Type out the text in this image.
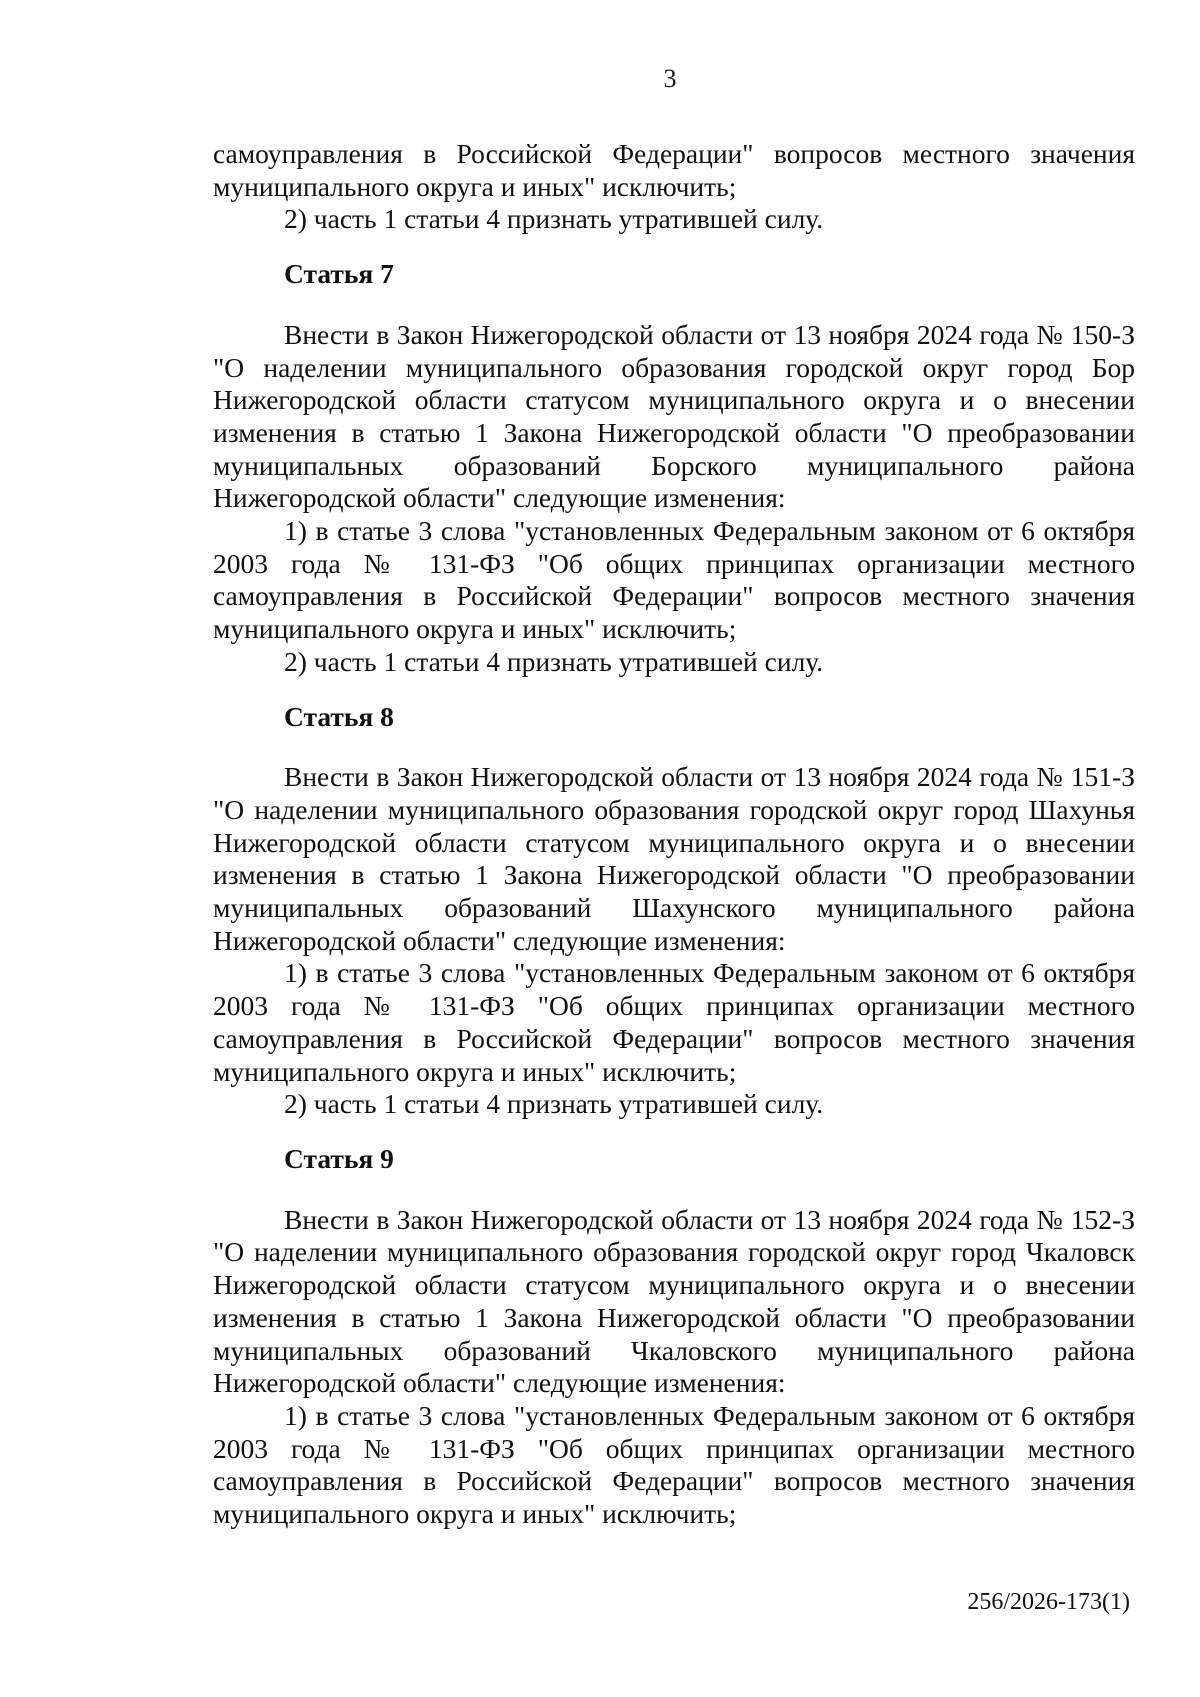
3

самоуправления в Российской Федерации" вопросов местного значения муниципального округа и иных" исключить;

2) часть 1 статьи 4 признать утратившей силу.

Статья 7

Внести в Закон Нижегородской области от 13 ноября 2024 года № 150-З "О наделении муниципального образования городской округ город Бор Нижегородской области статусом муниципального округа и о внесении изменения в статью 1 Закона Нижегородской области "О преобразовании муниципальных образований Борского муниципального района Нижегородской области" следующие изменения:

1) в статье 3 слова "установленных Федеральным законом от 6 октября 2003 года № 131-ФЗ "Об общих принципах организации местного самоуправления в Российской Федерации" вопросов местного значения муниципального округа и иных" исключить;

2) часть 1 статьи 4 признать утратившей силу.

Статья 8

Внести в Закон Нижегородской области от 13 ноября 2024 года № 151-З "О наделении муниципального образования городской округ город Шахунья Нижегородской области статусом муниципального округа и о внесении изменения в статью 1 Закона Нижегородской области "О преобразовании муниципальных образований Шахунского муниципального района Нижегородской области" следующие изменения:

1) в статье 3 слова "установленных Федеральным законом от 6 октября 2003 года № 131-ФЗ "Об общих принципах организации местного самоуправления в Российской Федерации" вопросов местного значения муниципального округа и иных" исключить;

2) часть 1 статьи 4 признать утратившей силу.

Статья 9

Внести в Закон Нижегородской области от 13 ноября 2024 года № 152-З "О наделении муниципального образования городской округ город Чкаловск Нижегородской области статусом муниципального округа и о внесении изменения в статью 1 Закона Нижегородской области "О преобразовании муниципальных образований Чкаловского муниципального района Нижегородской области" следующие изменения:

1) в статье 3 слова "установленных Федеральным законом от 6 октября 2003 года № 131-ФЗ "Об общих принципах организации местного самоуправления в Российской Федерации" вопросов местного значения муниципального округа и иных" исключить;

256/2026-173(1)
